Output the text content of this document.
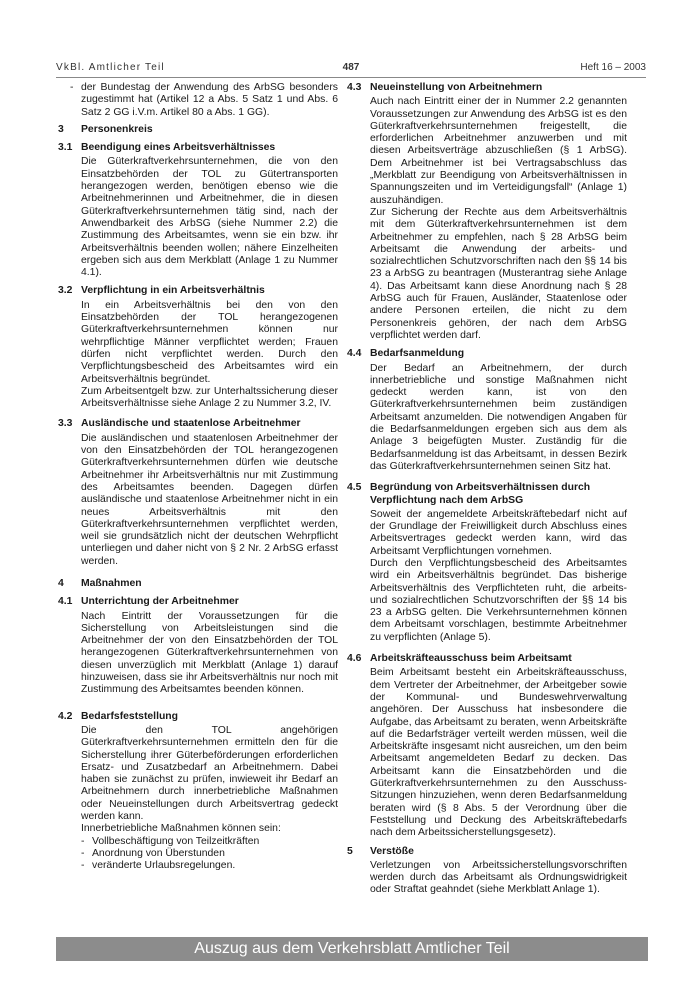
VkBl. Amtlicher Teil	487	Heft 16 – 2003
- der Bundestag der Anwendung des ArbSG besonders zugestimmt hat (Artikel 12 a Abs. 5 Satz 1 und Abs. 6 Satz 2 GG i.V.m. Artikel 80 a Abs. 1 GG).
3	Personenkreis
3.1 Beendigung eines Arbeitsverhältnisses
Die Güterkraftverkehrsunternehmen, die von den Einsatzbehörden der TOL zu Gütertransporten herangezogen werden, benötigen ebenso wie die Arbeitnehmerinnen und Arbeitnehmer, die in diesen Güterkraftverkehrsunternehmen tätig sind, nach der Anwendbarkeit des ArbSG (siehe Nummer 2.2) die Zustimmung des Arbeitsamtes, wenn sie ein bzw. ihr Arbeitsverhältnis beenden wollen; nähere Einzelheiten ergeben sich aus dem Merkblatt (Anlage 1 zu Nummer 4.1).
3.2 Verpflichtung in ein Arbeitsverhältnis
In ein Arbeitsverhältnis bei den von den Einsatzbehörden der TOL herangezogenen Güterkraftverkehrsunternehmen können nur wehrpflichtige Männer verpflichtet werden; Frauen dürfen nicht verpflichtet werden. Durch den Verpflichtungsbescheid des Arbeitsamtes wird ein Arbeitsverhältnis begründet.
Zum Arbeitsentgelt bzw. zur Unterhaltssicherung dieser Arbeitsverhältnisse siehe Anlage 2 zu Nummer 3.2, IV.
3.3 Ausländische und staatenlose Arbeitnehmer
Die ausländischen und staatenlosen Arbeitnehmer der von den Einsatzbehörden der TOL herangezogenen Güterkraftverkehrsunternehmen dürfen wie deutsche Arbeitnehmer ihr Arbeitsverhältnis nur mit Zustimmung des Arbeitsamtes beenden. Dagegen dürfen ausländische und staatenlose Arbeitnehmer nicht in ein neues Arbeitsverhältnis mit den Güterkraftverkehrsunternehmen verpflichtet werden, weil sie grundsätzlich nicht der deutschen Wehrpflicht unterliegen und daher nicht von § 2 Nr. 2 ArbSG erfasst werden.
4	Maßnahmen
4.1 Unterrichtung der Arbeitnehmer
Nach Eintritt der Voraussetzungen für die Sicherstellung von Arbeitsleistungen sind die Arbeitnehmer der von den Einsatzbehörden der TOL herangezogenen Güterkraftverkehrsunternehmen von diesen unverzüglich mit Merkblatt (Anlage 1) darauf hinzuweisen, dass sie ihr Arbeitsverhältnis nur noch mit Zustimmung des Arbeitsamtes beenden können.
4.2 Bedarfsfeststellung
Die den TOL angehörigen Güterkraftverkehrsunternehmen ermitteln den für die Sicherstellung ihrer Güterbeförderungen erforderlichen Ersatz- und Zusatzbedarf an Arbeitnehmern. Dabei haben sie zunächst zu prüfen, inwieweit ihr Bedarf an Arbeitnehmern durch innerbetriebliche Maßnahmen oder Neueinstellungen durch Arbeitsvertrag gedeckt werden kann.
Innerbetriebliche Maßnahmen können sein:
- Vollbeschäftigung von Teilzeitkräften
- Anordnung von Überstunden
- veränderte Urlaubsregelungen.
4.3 Neueinstellung von Arbeitnehmern
Auch nach Eintritt einer der in Nummer 2.2 genannten Voraussetzungen zur Anwendung des ArbSG ist es den Güterkraftverkehrsunternehmen freigestellt, die erforderlichen Arbeitnehmer anzuwerben und mit diesen Arbeitsverträge abzuschließen (§ 1 ArbSG). Dem Arbeitnehmer ist bei Vertragsabschluss das „Merkblatt zur Beendigung von Arbeitsverhältnissen in Spannungszeiten und im Verteidigungsfall“ (Anlage 1) auszuhändigen.
Zur Sicherung der Rechte aus dem Arbeitsverhältnis mit dem Güterkraftverkehrsunternehmen ist dem Arbeitnehmer zu empfehlen, nach § 28 ArbSG beim Arbeitsamt die Anwendung der arbeits- und sozialrechtlichen Schutzvorschriften nach den §§ 14 bis 23 a ArbSG zu beantragen (Musterantrag siehe Anlage 4). Das Arbeitsamt kann diese Anordnung nach § 28 ArbSG auch für Frauen, Ausländer, Staatenlose oder andere Personen erteilen, die nicht zu dem Personenkreis gehören, der nach dem ArbSG verpflichtet werden darf.
4.4 Bedarfsanmeldung
Der Bedarf an Arbeitnehmern, der durch innerbetriebliche und sonstige Maßnahmen nicht gedeckt werden kann, ist von den Güterkraftverkehrsunternehmen beim zuständigen Arbeitsamt anzumelden. Die notwendigen Angaben für die Bedarfsanmeldungen ergeben sich aus dem als Anlage 3 beigefügten Muster. Zuständig für die Bedarfsanmeldung ist das Arbeitsamt, in dessen Bezirk das Güterkraftverkehrsunternehmen seinen Sitz hat.
4.5 Begründung von Arbeitsverhältnissen durch Verpflichtung nach dem ArbSG
Soweit der angemeldete Arbeitskräftebedarf nicht auf der Grundlage der Freiwilligkeit durch Abschluss eines Arbeitsvertrages gedeckt werden kann, wird das Arbeitsamt Verpflichtungen vornehmen.
Durch den Verpflichtungsbescheid des Arbeitsamtes wird ein Arbeitsverhältnis begründet. Das bisherige Arbeitsverhältnis des Verpflichteten ruht, die arbeits- und sozialrechtlichen Schutzvorschriften der §§ 14 bis 23 a ArbSG gelten. Die Verkehrsunternehmen können dem Arbeitsamt vorschlagen, bestimmte Arbeitnehmer zu verpflichten (Anlage 5).
4.6 Arbeitskräfteausschuss beim Arbeitsamt
Beim Arbeitsamt besteht ein Arbeitskräfteausschuss, dem Vertreter der Arbeitnehmer, der Arbeitgeber sowie der Kommunal- und Bundeswehrverwaltung angehören. Der Ausschuss hat insbesondere die Aufgabe, das Arbeitsamt zu beraten, wenn Arbeitskräfte auf die Bedarfsträger verteilt werden müssen, weil die Arbeitskräfte insgesamt nicht ausreichen, um den beim Arbeitsamt angemeldeten Bedarf zu decken. Das Arbeitsamt kann die Einsatzbehörden und die Güterkraftverkehrsunternehmen zu den Ausschuss-Sitzungen hinzuziehen, wenn deren Bedarfsanmeldung beraten wird (§ 8 Abs. 5 der Verordnung über die Feststellung und Deckung des Arbeitskräftebedarfs nach dem Arbeitssicherstellungsgesetz).
5	Verstöße
Verletzungen von Arbeitssicherstellungsvorschriften werden durch das Arbeitsamt als Ordnungswidrigkeit oder Straftat geahndet (siehe Merkblatt Anlage 1).
Auszug aus dem Verkehrsblatt Amtlicher Teil
